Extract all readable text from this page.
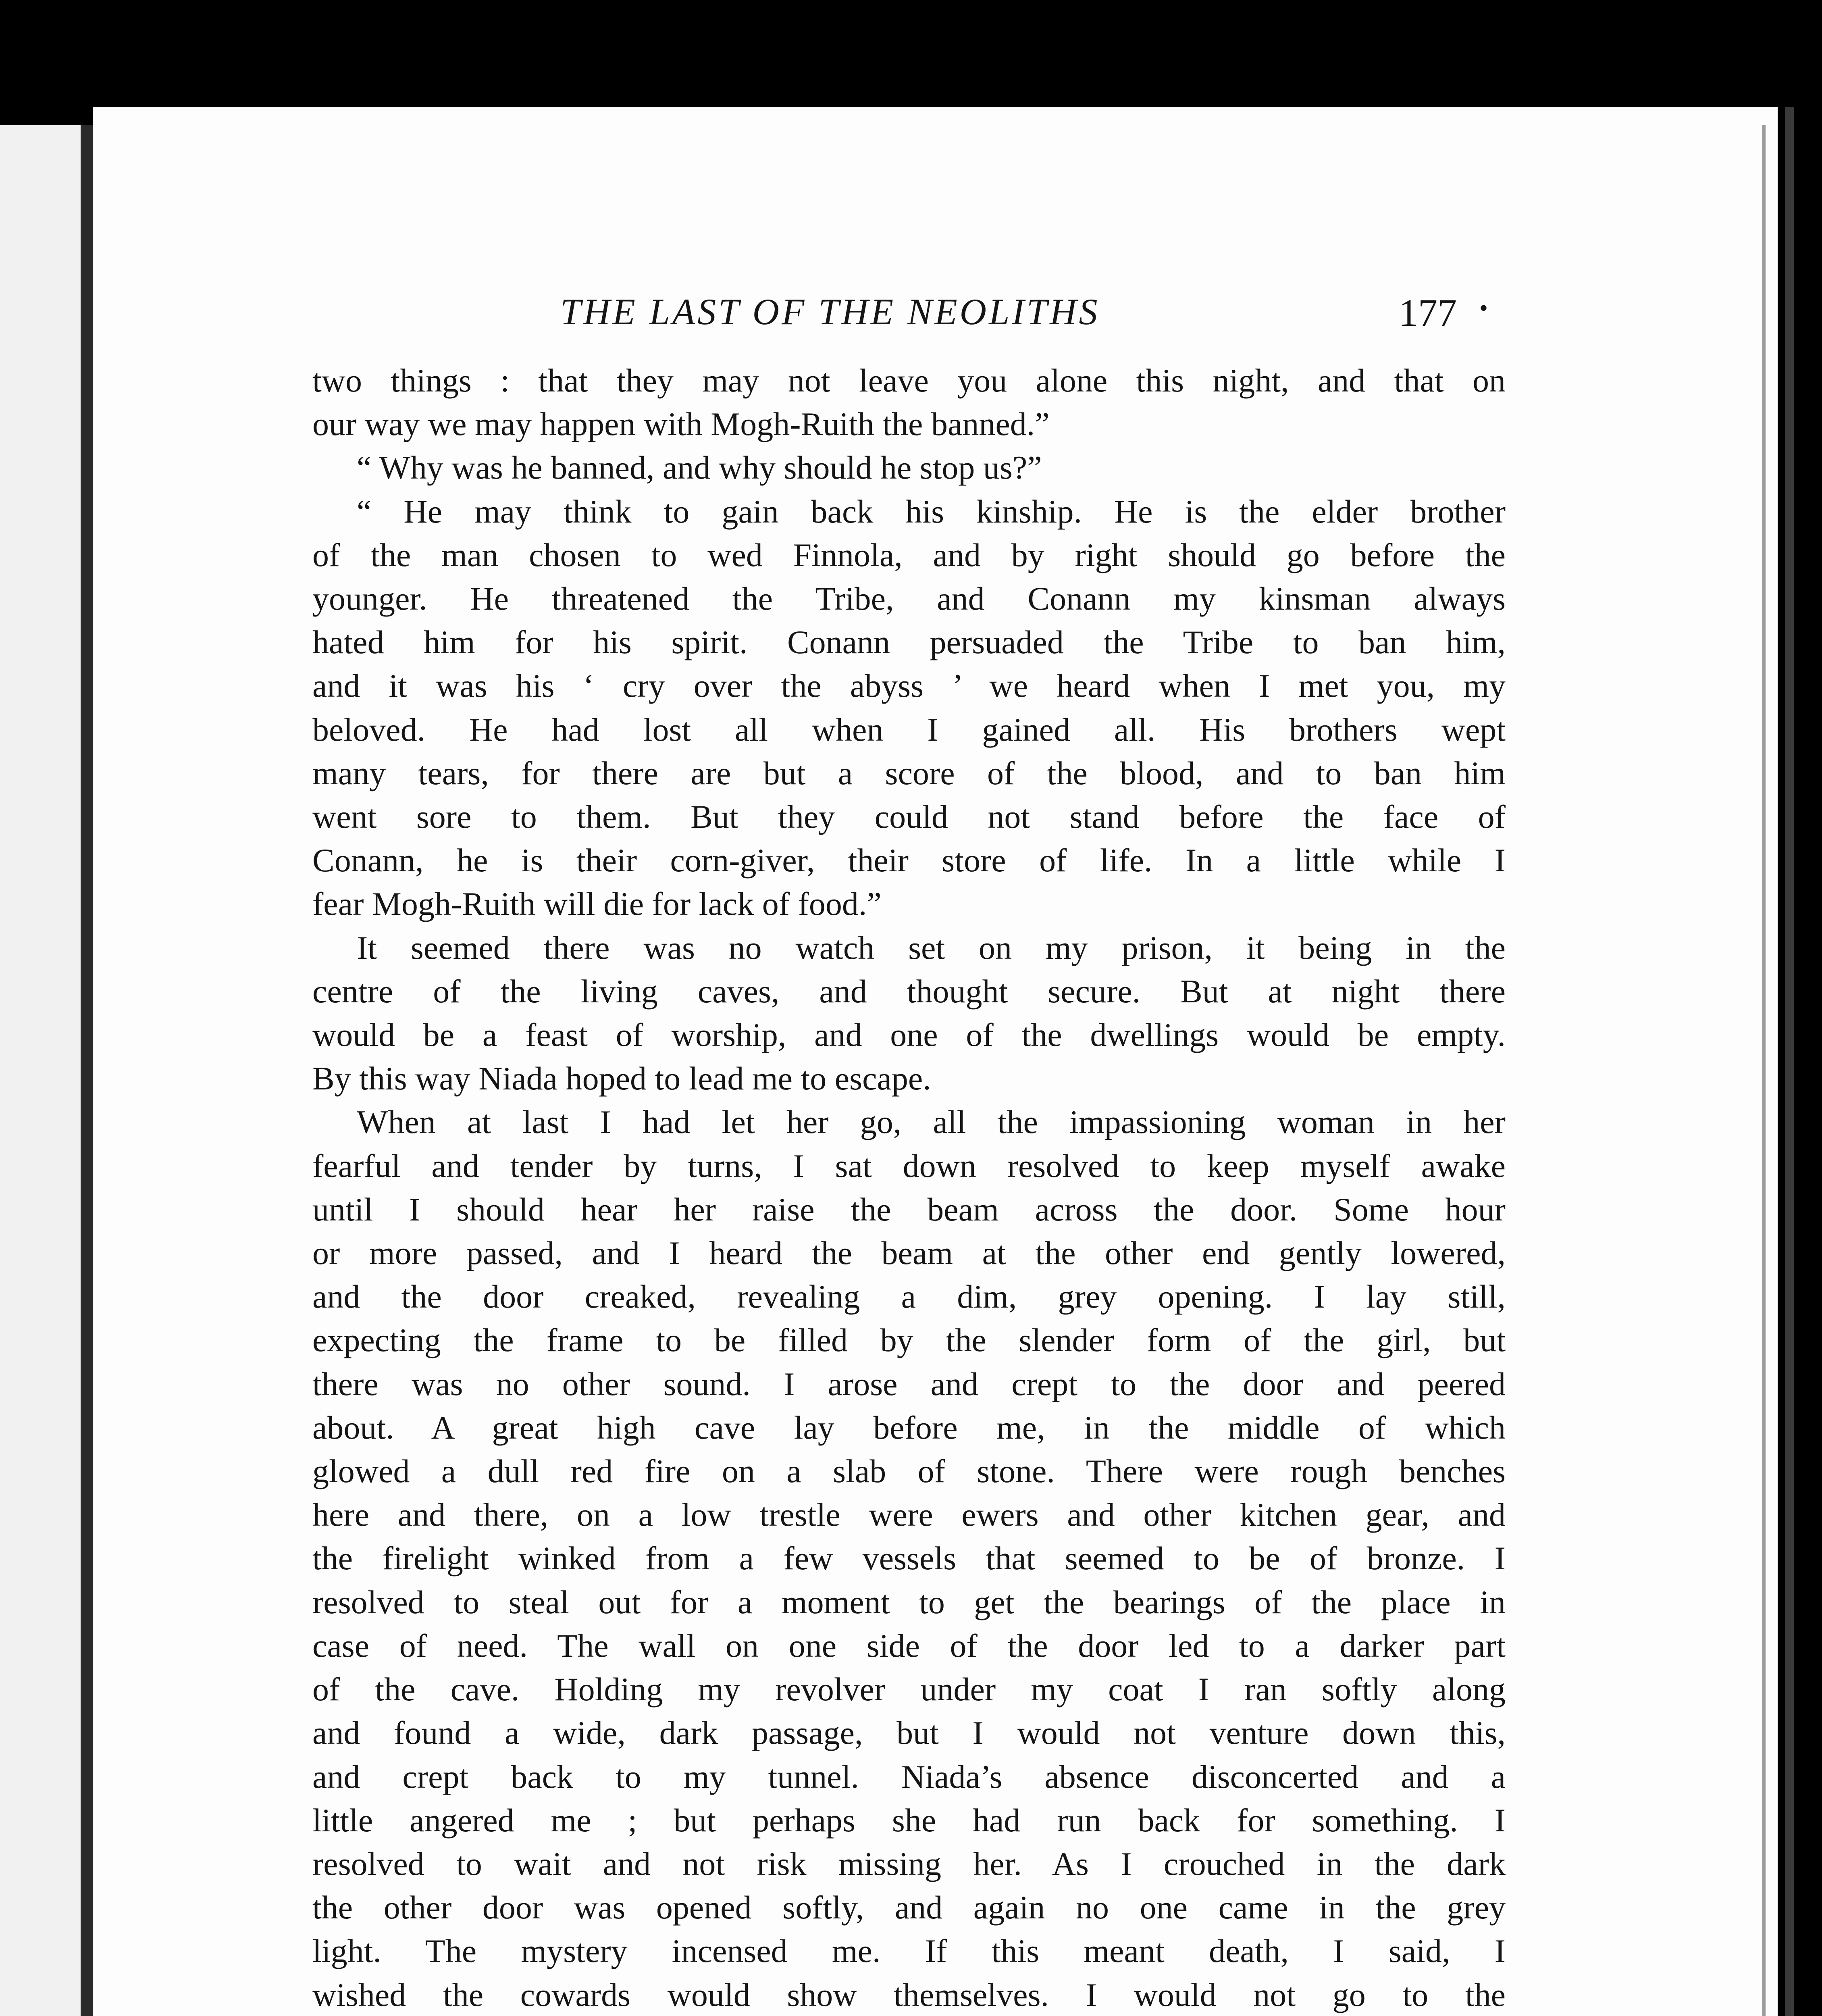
THE LAST OF THE NEOLITHS	177 •

two things : that they may not leave you alone this night, and that on

our way we may happen with Mogh-Ruith the banned.”

“ Why was he banned, and why should he stop us?”

“ He may think to gain back his kinship. He is the elder brother

of the man chosen to wed Finnola, and by right should go before the

younger. He threatened the Tribe, and Conann my kinsman always

hated him for his spirit. Conann persuaded the Tribe to ban him,

and it was his ‘ cry over the abyss ’ we heard when I met you, my

beloved. He had lost all when I gained all. His brothers wept

many tears, for there are but a score of the blood, and to ban him

went sore to them. But they could not stand before the face of

Conann, he is their corn-giver, their store of life. In a little while I

fear Mogh-Ruith will die for lack of food.”

It seemed there was no watch set on my prison, it being in the

centre of the living caves, and thought secure. But at night there

would be a feast of worship, and one of the dwellings would be empty.

By this way Niada hoped to lead me to escape.

When at last I had let her go, all the impassioning woman in her

fearful and tender by turns, I sat down resolved to keep myself awake

until I should hear her raise the beam across the door. Some hour

or more passed, and I heard the beam at the other end gently lowered,

and the door creaked, revealing a dim, grey opening. I lay still,

expecting the frame to be filled by the slender form of the girl, but

there was no other sound. I arose and crept to the door and peered

about. A great high cave lay before me, in the middle of which

glowed a dull red fire on a slab of stone. There were rough benches

here and there, on a low trestle were ewers and other kitchen gear, and

the firelight winked from a few vessels that seemed to be of bronze. I

resolved to steal out for a moment to get the bearings of the place in

case of need. The wall on one side of the door led to a darker part

of the cave. Holding my revolver under my coat I ran softly along

and found a wide, dark passage, but I would not venture down this,

and crept back to my tunnel. Niada’s absence disconcerted and a

little angered me ; but perhaps she had run back for something. I

resolved to wait and not risk missing her. As I crouched in the dark

the other door was opened softly, and again no one came in the grey

light. The mystery incensed me. If this meant death, I said, I

wished the cowards would show themselves. I would not go to the
